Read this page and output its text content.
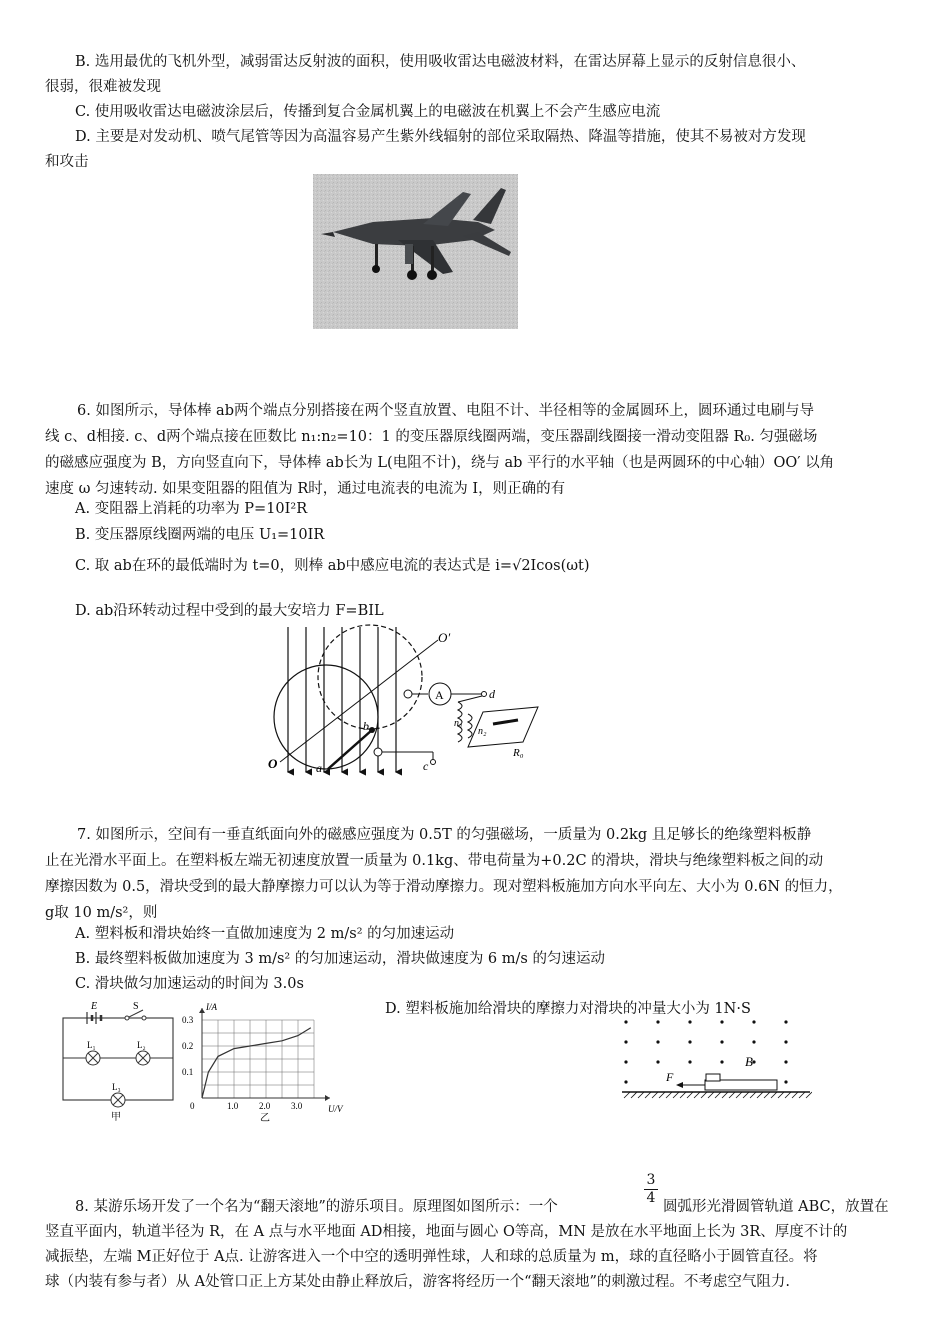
B. 选用最优的飞机外型，减弱雷达反射波的面积，使用吸收雷达电磁波材料，在雷达屏幕上显示的反射信息很小、
很弱，很难被发现
C. 使用吸收雷达电磁波涂层后，传播到复合金属机翼上的电磁波在机翼上不会产生感应电流
D. 主要是对发动机、喷气尾管等因为高温容易产生紫外线辐射的部位采取隔热、降温等措施，使其不易被对方发现
和攻击
6. 如图所示，导体棒 ab两个端点分别搭接在两个竖直放置、电阻不计、半径相等的金属圆环上，圆环通过电刷与导
线 c、d相接. c、d两个端点接在匝数比 n₁:n₂=10：1 的变压器原线圈两端，变压器副线圈接一滑动变阻器 R₀. 匀强磁场
的磁感应强度为 B，方向竖直向下，导体棒 ab长为 L(电阻不计)，绕与 ab 平行的水平轴（也是两圆环的中心轴）OO′ 以角
速度 ω 匀速转动. 如果变阻器的阻值为 R时，通过电流表的电流为 I，则正确的有
A. 变阻器上消耗的功率为 P=10I²R
B. 变压器原线圈两端的电压 U₁=10IR
C. 取 ab在环的最低端时为 t=0，则棒 ab中感应电流的表达式是 i=√2Icos(ωt)
D. ab沿环转动过程中受到的最大安培力 F=BIL
O′
O
A	d
c
a
b	n₁
n₂
R₀
7. 如图所示，空间有一垂直纸面向外的磁感应强度为 0.5T 的匀强磁场，一质量为 0.2kg 且足够长的绝缘塑料板静
止在光滑水平面上。在塑料板左端无初速度放置一质量为 0.1kg、带电荷量为+0.2C 的滑块，滑块与绝缘塑料板之间的动
摩擦因数为 0.5，滑块受到的最大静摩擦力可以认为等于滑动摩擦力。现对塑料板施加方向水平向左、大小为 0.6N 的恒力，
g取 10 m/s²，则
A. 塑料板和滑块始终一直做加速度为 2 m/s² 的匀加速运动
B. 最终塑料板做加速度为 3 m/s² 的匀加速运动，滑块做速度为 6 m/s 的匀速运动
C. 滑块做匀加速运动的时间为 3.0s
D. 塑料板施加给滑块的摩擦力对滑块的冲量大小为 1N·S
E	S
L₁	L₂
L₃
甲
0	1.0 2.0 3.0
0.1
0.2
0.3
I/A
U/V
乙
B
F
$\frac{3}{4}$
8. 某游乐场开发了一个名为“翻天滚地”的游乐项目。原理图如图所示：一个	圆弧形光滑圆管轨道 ABC，放置在
竖直平面内，轨道半径为 R，在 A 点与水平地面 AD相接，地面与圆心 O等高，MN 是放在水平地面上长为 3R、厚度不计的
减振垫，左端 M正好位于 A点. 让游客进入一个中空的透明弹性球，人和球的总质量为 m，球的直径略小于圆管直径。将
球（内装有参与者）从 A处管口正上方某处由静止释放后，游客将经历一个“翻天滚地”的刺激过程。不考虑空气阻力.
